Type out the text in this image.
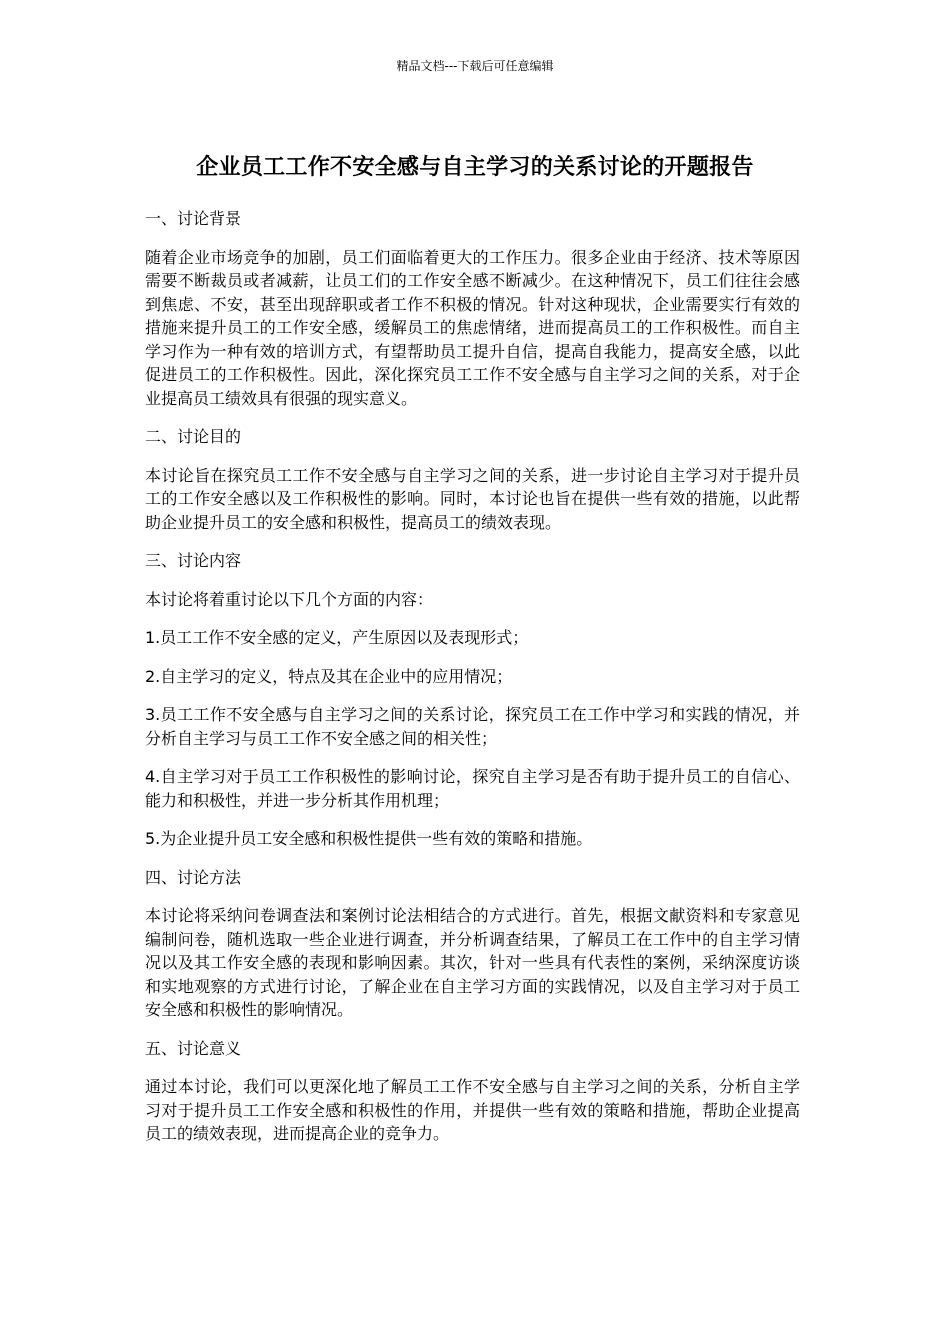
精品文档---下载后可任意编辑
企业员工工作不安全感与自主学习的关系讨论的开题报告

一、讨论背景

随着企业市场竞争的加剧，员工们面临着更大的工作压力。很多企业由于经济、技术等原因需要不断裁员或者减薪，让员工们的工作安全感不断减少。在这种情况下，员工们往往会感到焦虑、不安，甚至出现辞职或者工作不积极的情况。针对这种现状，企业需要实行有效的措施来提升员工的工作安全感，缓解员工的焦虑情绪，进而提高员工的工作积极性。而自主学习作为一种有效的培训方式，有望帮助员工提升自信，提高自我能力，提高安全感，以此促进员工的工作积极性。因此，深化探究员工工作不安全感与自主学习之间的关系，对于企业提高员工绩效具有很强的现实意义。

二、讨论目的

本讨论旨在探究员工工作不安全感与自主学习之间的关系，进一步讨论自主学习对于提升员工的工作安全感以及工作积极性的影响。同时，本讨论也旨在提供一些有效的措施，以此帮助企业提升员工的安全感和积极性，提高员工的绩效表现。

三、讨论内容

本讨论将着重讨论以下几个方面的内容：

1.员工工作不安全感的定义，产生原因以及表现形式；

2.自主学习的定义，特点及其在企业中的应用情况；

3.员工工作不安全感与自主学习之间的关系讨论，探究员工在工作中学习和实践的情况，并分析自主学习与员工工作不安全感之间的相关性；

4.自主学习对于员工工作积极性的影响讨论，探究自主学习是否有助于提升员工的自信心、能力和积极性，并进一步分析其作用机理；

5.为企业提升员工安全感和积极性提供一些有效的策略和措施。

四、讨论方法

本讨论将采纳问卷调查法和案例讨论法相结合的方式进行。首先，根据文献资料和专家意见编制问卷，随机选取一些企业进行调查，并分析调查结果，了解员工在工作中的自主学习情况以及其工作安全感的表现和影响因素。其次，针对一些具有代表性的案例，采纳深度访谈和实地观察的方式进行讨论，了解企业在自主学习方面的实践情况，以及自主学习对于员工安全感和积极性的影响情况。

五、讨论意义

通过本讨论，我们可以更深化地了解员工工作不安全感与自主学习之间的关系，分析自主学习对于提升员工工作安全感和积极性的作用，并提供一些有效的策略和措施，帮助企业提高员工的绩效表现，进而提高企业的竞争力。
